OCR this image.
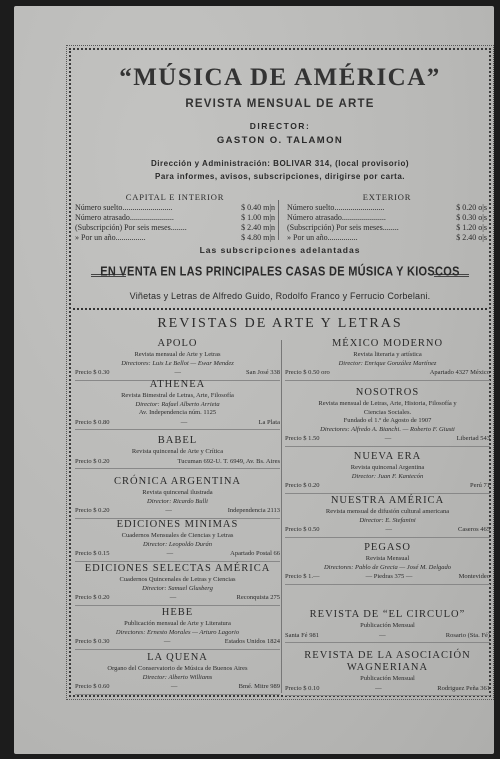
“MÚSICA DE AMÉRICA”
REVISTA MENSUAL DE ARTE
DIRECTOR:
GASTON O. TALAMON
Dirección y Administración: BOLIVAR 314, (local provisorio)
Para informes, avisos, subscripciones, dirigirse por carta.
CAPITAL E INTERIOR
Número suelto.........................	$ 0.40 m|n
Número atrasado......................	$ 1.00 m|n
(Subscripción) Por seis meses........	$ 2.40 m|n
» Por un año...............	$ 4.80 m|n
EXTERIOR
Número suelto.........................	$ 0.20 o|s
Número atrasado......................	$ 0.30 o|s
(Subscripción) Por seis meses........	$ 1.20 o|s
» Por un año...............	$ 2.40 o|s
Las subscripciones adelantadas
EN VENTA EN LAS PRINCIPALES CASAS DE MÚSICA Y KIOSCOS
Viñetas y Letras de Alfredo Guido, Rodolfo Franco y Ferrucio Corbelani.
REVISTAS DE ARTE Y LETRAS
APOLO
Revista mensual de Arte y Letras
Directores: Luis Le Bellot — Ewar Mendez
Precio $ 0.30	—	San José 338
ATHENEA
Revista Bimestral de Letras, Arte, Filosofía
Director: Rafael Alberto Arrieta
Av. Independencia núm. 1125
Precio $ 0.80	—	La Plata
BABEL
Revista quincenal de Arte y Crítica
Precio $ 0.20	Tucuman 692-U. T. 6949, Av. Bs. Aires
CRÓNICA ARGENTINA
Revista quincenal ilustrada
Director: Ricardo Bulli
Precio $ 0.20	—	Independencia 2113
EDICIONES MINIMAS
Cuadernos Mensuales de Ciencias y Letras
Director: Leopoldo Durán
Precio $ 0.15	—	Apartado Postal 66
EDICIONES SELECTAS AMÉRICA
Cuadernos Quincenales de Letras y Ciencias
Director: Samuel Glusberg
Precio $ 0.20	—	Reconquista 275
HEBE
Publicación mensual de Arte y Literatura
Directores: Ernesto Morales — Arturo Lagorio
Precio $ 0.30	—	Estados Unidos 1824
LA QUENA
Organo del Conservatorio de Música de Buenos Aires
Director: Alberto Williams
Precio $ 0.60	—	Bmé. Mitre 989
MÉXICO MODERNO
Revista literaria y artística
Director: Enrique González Martínez
Precio $ 0.50 oro	Apartado 4327 México
NOSOTROS
Revista mensual de Letras, Arte, Historia, Filosofía y
Ciencias Sociales.
Fundado el 1.º de Agosto de 1907
Directores: Alfredo A. Bianchi. — Roberto F. Giusti
Precio $ 1.50	—	Libertad 543
NUEVA ERA
Revista quincenal Argentina
Director: Juan F. Kantecón
Precio $ 0.20	Perú 71
NUESTRA AMÉRICA
Revista mensual de difusión cultural americana
Director: E. Stefanini
Precio $ 0.50	—	Caseros 465
PEGASO
Revista Mensual
Directores: Pablo de Grecia — José M. Delgado
Precio $ 1.—	— Piedras 375 —	Montevideo
REVISTA DE “EL CIRCULO”
Publicación Mensual
Santa Fé 981	—	Rosario (Sta. Fé)
REVISTA DE LA ASOCIACIÓN WAGNERIANA
Publicación Mensual
Precio $ 0.10	—	Rodriguez Peña 361
